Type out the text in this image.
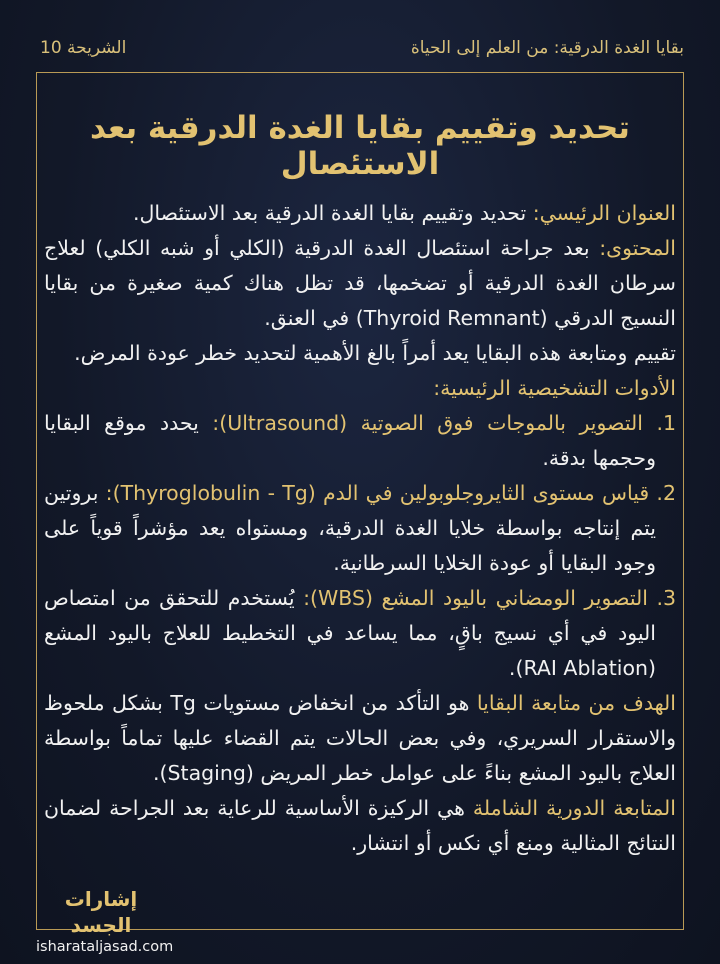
بقايا الغدة الدرقية: من العلم إلى الحياة
الشريحة 10
تحديد وتقييم بقايا الغدة الدرقية بعد الاستئصال

العنوان الرئيسي: تحديد وتقييم بقايا الغدة الدرقية بعد الاستئصال.

المحتوى: بعد جراحة استئصال الغدة الدرقية (الكلي أو شبه الكلي) لعلاج سرطان الغدة الدرقية أو تضخمها، قد تظل هناك كمية صغيرة من بقايا النسيج الدرقي (Thyroid Remnant) في العنق.

تقييم ومتابعة هذه البقايا يعد أمراً بالغ الأهمية لتحديد خطر عودة المرض.

الأدوات التشخيصية الرئيسية:

1. التصوير بالموجات فوق الصوتية (Ultrasound): يحدد موقع البقايا وحجمها بدقة.

2. قياس مستوى الثايروجلوبولين في الدم (Thyroglobulin - Tg): بروتين يتم إنتاجه بواسطة خلايا الغدة الدرقية، ومستواه يعد مؤشراً قوياً على وجود البقايا أو عودة الخلايا السرطانية.

3. التصوير الومضاني باليود المشع (WBS): يُستخدم للتحقق من امتصاص اليود في أي نسيج باقٍ، مما يساعد في التخطيط للعلاج باليود المشع (RAI Ablation).

الهدف من متابعة البقايا هو التأكد من انخفاض مستويات Tg بشكل ملحوظ والاستقرار السريري، وفي بعض الحالات يتم القضاء عليها تماماً بواسطة العلاج باليود المشع بناءً على عوامل خطر المريض (Staging).

المتابعة الدورية الشاملة هي الركيزة الأساسية للرعاية بعد الجراحة لضمان النتائج المثالية ومنع أي نكس أو انتشار.

إشارات الجسد
isharataljasad.com
